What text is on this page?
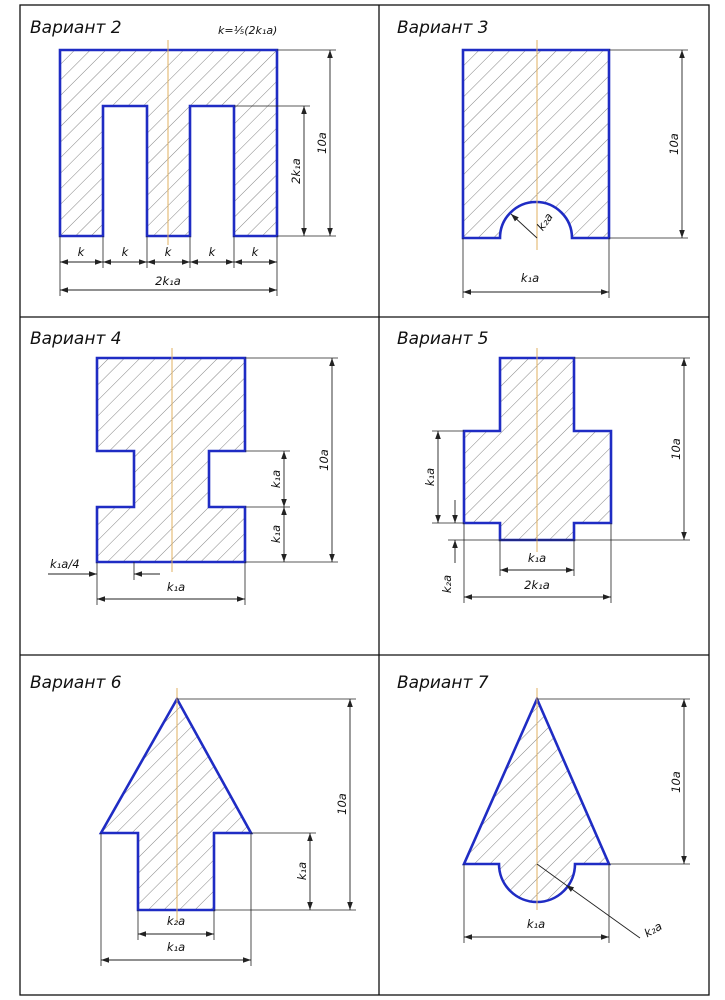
Вариант 2	k=⅕(2k₁a)
10a
2k₁a
k	k	k	k	k
2k₁a
Вариант 3
10a
k₂a
k₁a
Вариант 4
10a
k₁a
k₁a
k₁a/4
k₁a
Вариант 5
10a
k₁a
k₂a
k₁a
2k₁a
Вариант 6
10a
k₁a
k₂a
k₁a
Вариант 7
10a
k₁a	k₂a
